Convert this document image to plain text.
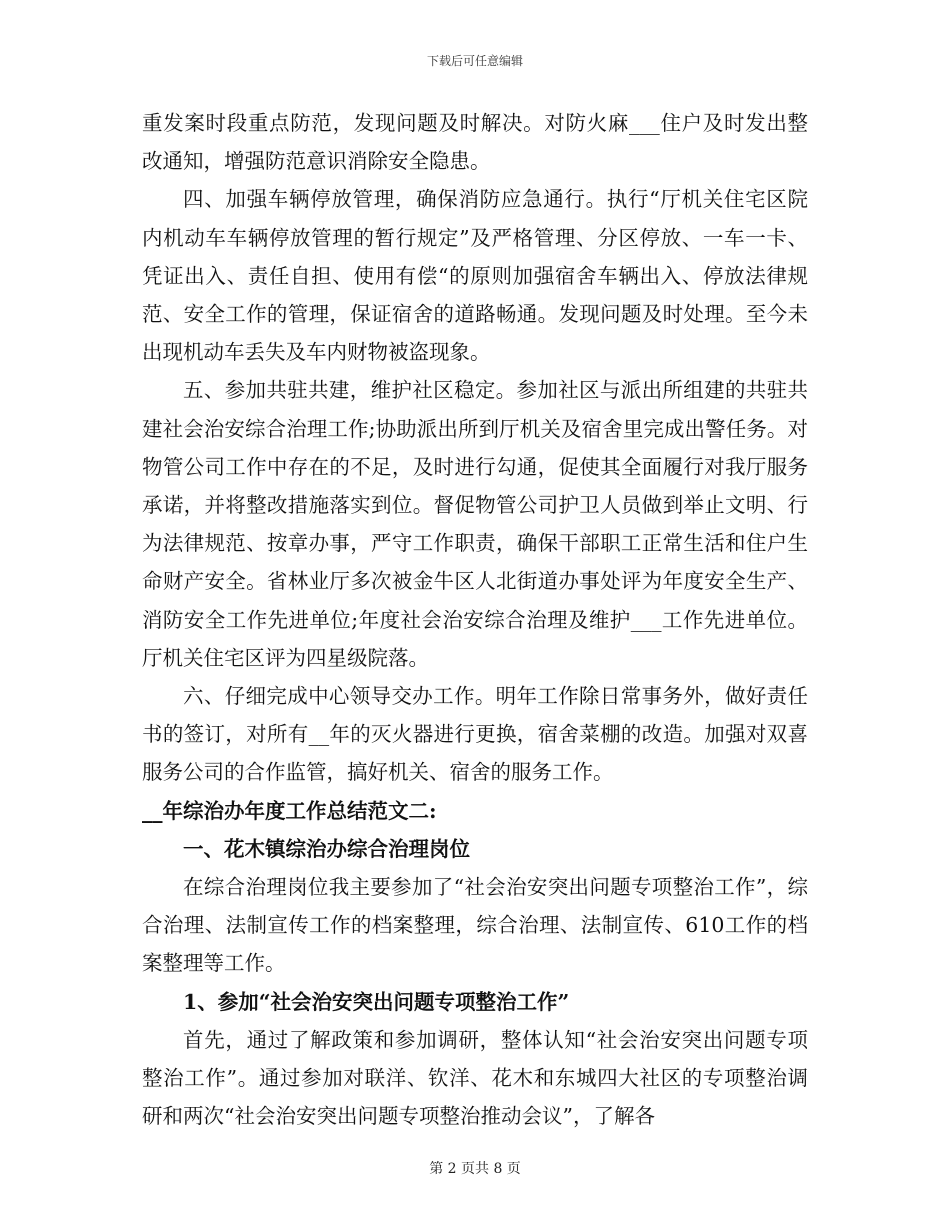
下载后可任意编辑

重发案时段重点防范，发现问题及时解决。对防火麻___住户及时发出整改通知，增强防范意识消除安全隐患。

四、加强车辆停放管理，确保消防应急通行。执行“厅机关住宅区院内机动车车辆停放管理的暂行规定”及严格管理、分区停放、一车一卡、凭证出入、责任自担、使用有偿“的原则加强宿舍车辆出入、停放法律规范、安全工作的管理，保证宿舍的道路畅通。发现问题及时处理。至今未出现机动车丢失及车内财物被盗现象。

五、参加共驻共建，维护社区稳定。参加社区与派出所组建的共驻共建社会治安综合治理工作;协助派出所到厅机关及宿舍里完成出警任务。对物管公司工作中存在的不足，及时进行勾通，促使其全面履行对我厅服务承诺，并将整改措施落实到位。督促物管公司护卫人员做到举止文明、行为法律规范、按章办事，严守工作职责，确保干部职工正常生活和住户生命财产安全。省林业厅多次被金牛区人北街道办事处评为年度安全生产、消防安全工作先进单位;年度社会治安综合治理及维护___工作先进单位。厅机关住宅区评为四星级院落。

六、仔细完成中心领导交办工作。明年工作除日常事务外，做好责任书的签订，对所有__年的灭火器进行更换，宿舍菜棚的改造。加强对双喜服务公司的合作监管，搞好机关、宿舍的服务工作。

__年综治办年度工作总结范文二:

一、花木镇综治办综合治理岗位

在综合治理岗位我主要参加了“社会治安突出问题专项整治工作”，综合治理、法制宣传工作的档案整理，综合治理、法制宣传、610工作的档案整理等工作。

1、参加“社会治安突出问题专项整治工作”

首先，通过了解政策和参加调研，整体认知“社会治安突出问题专项整治工作”。通过参加对联洋、钦洋、花木和东城四大社区的专项整治调研和两次“社会治安突出问题专项整治推动会议”，了解各

第 2 页共 8 页
